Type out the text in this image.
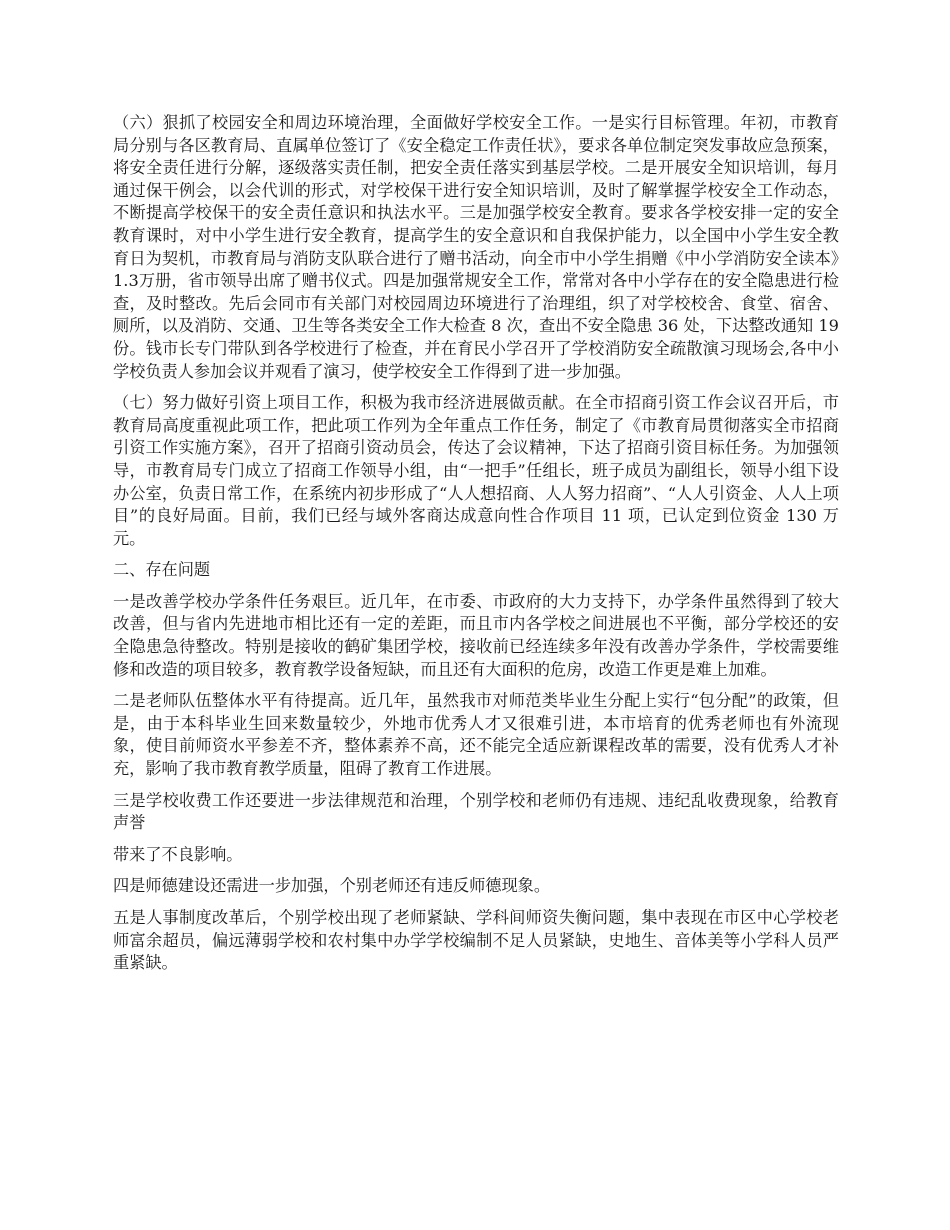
（六）狠抓了校园安全和周边环境治理，全面做好学校安全工作。一是实行目标管理。年初，市教育局分别与各区教育局、直属单位签订了《安全稳定工作责任状》，要求各单位制定突发事故应急预案，将安全责任进行分解，逐级落实责任制，把安全责任落实到基层学校。二是开展安全知识培训，每月通过保干例会，以会代训的形式，对学校保干进行安全知识培训，及时了解掌握学校安全工作动态，不断提高学校保干的安全责任意识和执法水平。三是加强学校安全教育。要求各学校安排一定的安全教育课时，对中小学生进行安全教育，提高学生的安全意识和自我保护能力，以全国中小学生安全教育日为契机，市教育局与消防支队联合进行了赠书活动，向全市中小学生捐赠《中小学消防安全读本》1.3万册，省市领导出席了赠书仪式。四是加强常规安全工作，常常对各中小学存在的安全隐患进行检查，及时整改。先后会同市有关部门对校园周边环境进行了治理组，织了对学校校舍、食堂、宿舍、厕所，以及消防、交通、卫生等各类安全工作大检查 8 次，查出不安全隐患 36 处，下达整改通知 19 份。钱市长专门带队到各学校进行了检查，并在育民小学召开了学校消防安全疏散演习现场会,各中小学校负责人参加会议并观看了演习，使学校安全工作得到了进一步加强。

（七）努力做好引资上项目工作，积极为我市经济进展做贡献。在全市招商引资工作会议召开后，市教育局高度重视此项工作，把此项工作列为全年重点工作任务，制定了《市教育局贯彻落实全市招商引资工作实施方案》，召开了招商引资动员会，传达了会议精神，下达了招商引资目标任务。为加强领导，市教育局专门成立了招商工作领导小组，由“一把手”任组长，班子成员为副组长，领导小组下设办公室，负责日常工作，在系统内初步形成了“人人想招商、人人努力招商”、“人人引资金、人人上项目”的良好局面。目前，我们已经与域外客商达成意向性合作项目 11 项，已认定到位资金 130 万元。

二、存在问题

一是改善学校办学条件任务艰巨。近几年，在市委、市政府的大力支持下，办学条件虽然得到了较大改善，但与省内先进地市相比还有一定的差距，而且市内各学校之间进展也不平衡，部分学校还的安全隐患急待整改。特别是接收的鹤矿集团学校，接收前已经连续多年没有改善办学条件，学校需要维修和改造的项目较多，教育教学设备短缺，而且还有大面积的危房，改造工作更是难上加难。

二是老师队伍整体水平有待提高。近几年，虽然我市对师范类毕业生分配上实行“包分配”的政策，但是，由于本科毕业生回来数量较少，外地市优秀人才又很难引进，本市培育的优秀老师也有外流现象，使目前师资水平参差不齐，整体素养不高，还不能完全适应新课程改革的需要，没有优秀人才补充，影响了我市教育教学质量，阻碍了教育工作进展。

三是学校收费工作还要进一步法律规范和治理，个别学校和老师仍有违规、违纪乱收费现象，给教育声誉

带来了不良影响。

四是师德建设还需进一步加强，个别老师还有违反师德现象。

五是人事制度改革后，个别学校出现了老师紧缺、学科间师资失衡问题，集中表现在市区中心学校老师富余超员，偏远薄弱学校和农村集中办学学校编制不足人员紧缺，史地生、音体美等小学科人员严重紧缺。
